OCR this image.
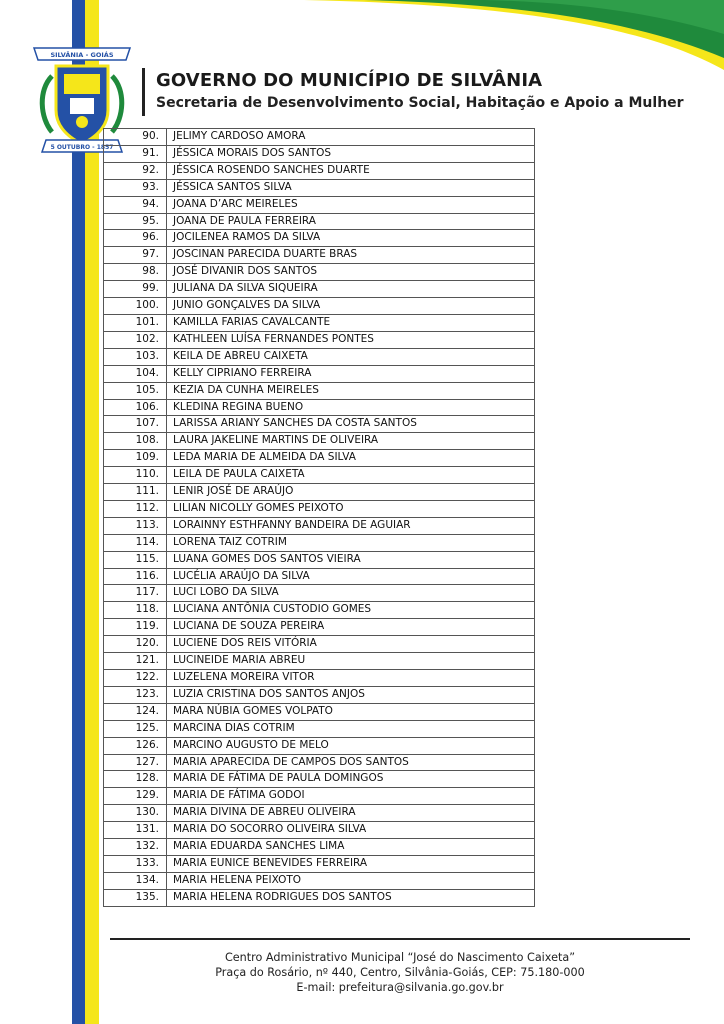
SILVÂNIA - GOIÁS
5 OUTUBRO - 1857
GOVERNO DO MUNICÍPIO DE SILVÂNIA
Secretaria de Desenvolvimento Social, Habitação e Apoio a Mulher
90.	JELIMY CARDOSO AMORA
91.	JÉSSICA MORAIS DOS SANTOS
92.	JÉSSICA ROSENDO SANCHES DUARTE
93.	JÉSSICA SANTOS SILVA
94.	JOANA D’ARC MEIRELES
95.	JOANA DE PAULA FERREIRA
96.	JOCILENEA RAMOS DA SILVA
97.	JOSCINAN PARECIDA DUARTE BRAS
98.	JOSÉ DIVANIR DOS SANTOS
99.	JULIANA DA SILVA SIQUEIRA
100.	JUNIO GONÇALVES DA SILVA
101.	KAMILLA FARIAS CAVALCANTE
102.	KATHLEEN LUÍSA FERNANDES PONTES
103.	KEILA DE ABREU CAIXETA
104.	KELLY CIPRIANO FERREIRA
105.	KEZIA DA CUNHA MEIRELES
106.	KLEDINA REGINA BUENO
107.	LARISSA ARIANY SANCHES DA COSTA SANTOS
108.	LAURA JAKELINE MARTINS DE OLIVEIRA
109.	LEDA MARIA DE ALMEIDA DA SILVA
110.	LEILA DE PAULA CAIXETA
111.	LENIR JOSÉ DE ARAÚJO
112.	LILIAN NICOLLY GOMES PEIXOTO
113.	LORAINNY ESTHFANNY BANDEIRA DE AGUIAR
114.	LORENA TAIZ COTRIM
115.	LUANA GOMES DOS SANTOS VIEIRA
116.	LUCÉLIA ARAÚJO DA SILVA
117.	LUCI LOBO DA SILVA
118.	LUCIANA ANTÔNIA CUSTODIO GOMES
119.	LUCIANA DE SOUZA PEREIRA
120.	LUCIENE DOS REIS VITÓRIA
121.	LUCINEIDE MARIA ABREU
122.	LUZELENA MOREIRA VITOR
123.	LUZIA CRISTINA DOS SANTOS ANJOS
124.	MARA NÚBIA GOMES VOLPATO
125.	MARCINA DIAS COTRIM
126.	MARCINO AUGUSTO DE MELO
127.	MARIA APARECIDA DE CAMPOS DOS SANTOS
128.	MARIA DE FÁTIMA DE PAULA DOMINGOS
129.	MARIA DE FÁTIMA GODOI
130.	MARIA DIVINA DE ABREU OLIVEIRA
131.	MARIA DO SOCORRO OLIVEIRA SILVA
132.	MARIA EDUARDA SANCHES LIMA
133.	MARIA EUNICE BENEVIDES FERREIRA
134.	MARIA HELENA PEIXOTO
135.	MARIA HELENA RODRIGUES DOS SANTOS
Centro Administrativo Municipal “José do Nascimento Caixeta”
Praça do Rosário, nº 440, Centro, Silvânia-Goiás, CEP: 75.180-000
E-mail: prefeitura@silvania.go.gov.br
